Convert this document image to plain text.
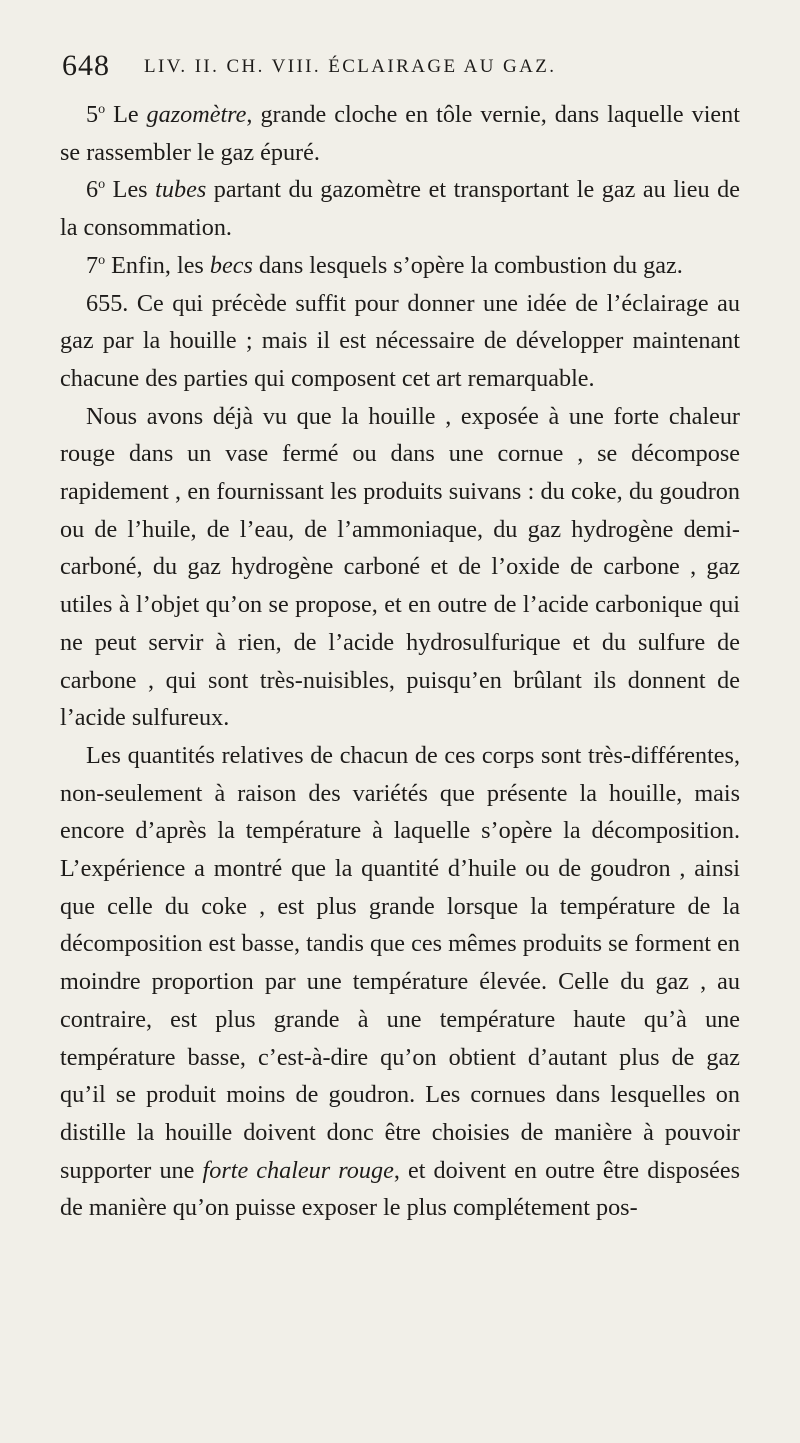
648 LIV. II. CH. VIII. ÉCLAIRAGE AU GAZ.

5$^o$ Le gazomètre, grande cloche en tôle vernie, dans laquelle vient se rassembler le gaz épuré.

6$^o$ Les tubes partant du gazomètre et transportant le gaz au lieu de la consommation.

7$^o$ Enfin, les becs dans lesquels s’opère la combustion du gaz.

655. Ce qui précède suffit pour donner une idée de l’éclairage au gaz par la houille ; mais il est nécessaire de développer maintenant chacune des parties qui composent cet art remarquable.

Nous avons déjà vu que la houille , exposée à une forte chaleur rouge dans un vase fermé ou dans une cornue , se décompose rapidement , en fournissant les produits suivans : du coke, du goudron ou de l’huile, de l’eau, de l’ammoniaque, du gaz hydrogène demi-carboné, du gaz hydrogène carboné et de l’oxide de carbone , gaz utiles à l’objet qu’on se propose, et en outre de l’acide carbonique qui ne peut servir à rien, de l’acide hydrosulfurique et du sulfure de carbone , qui sont très-nuisibles, puisqu’en brûlant ils donnent de l’acide sulfureux.

Les quantités relatives de chacun de ces corps sont très-différentes, non-seulement à raison des variétés que présente la houille, mais encore d’après la température à laquelle s’opère la décomposition. L’expérience a montré que la quantité d’huile ou de goudron , ainsi que celle du coke , est plus grande lorsque la température de la décomposition est basse, tandis que ces mêmes produits se forment en moindre proportion par une température élevée. Celle du gaz , au contraire, est plus grande à une température haute qu’à une température basse, c’est-à-dire qu’on obtient d’autant plus de gaz qu’il se produit moins de goudron. Les cornues dans lesquelles on distille la houille doivent donc être choisies de manière à pouvoir supporter une forte chaleur rouge, et doivent en outre être disposées de manière qu’on puisse exposer le plus complétement pos-
